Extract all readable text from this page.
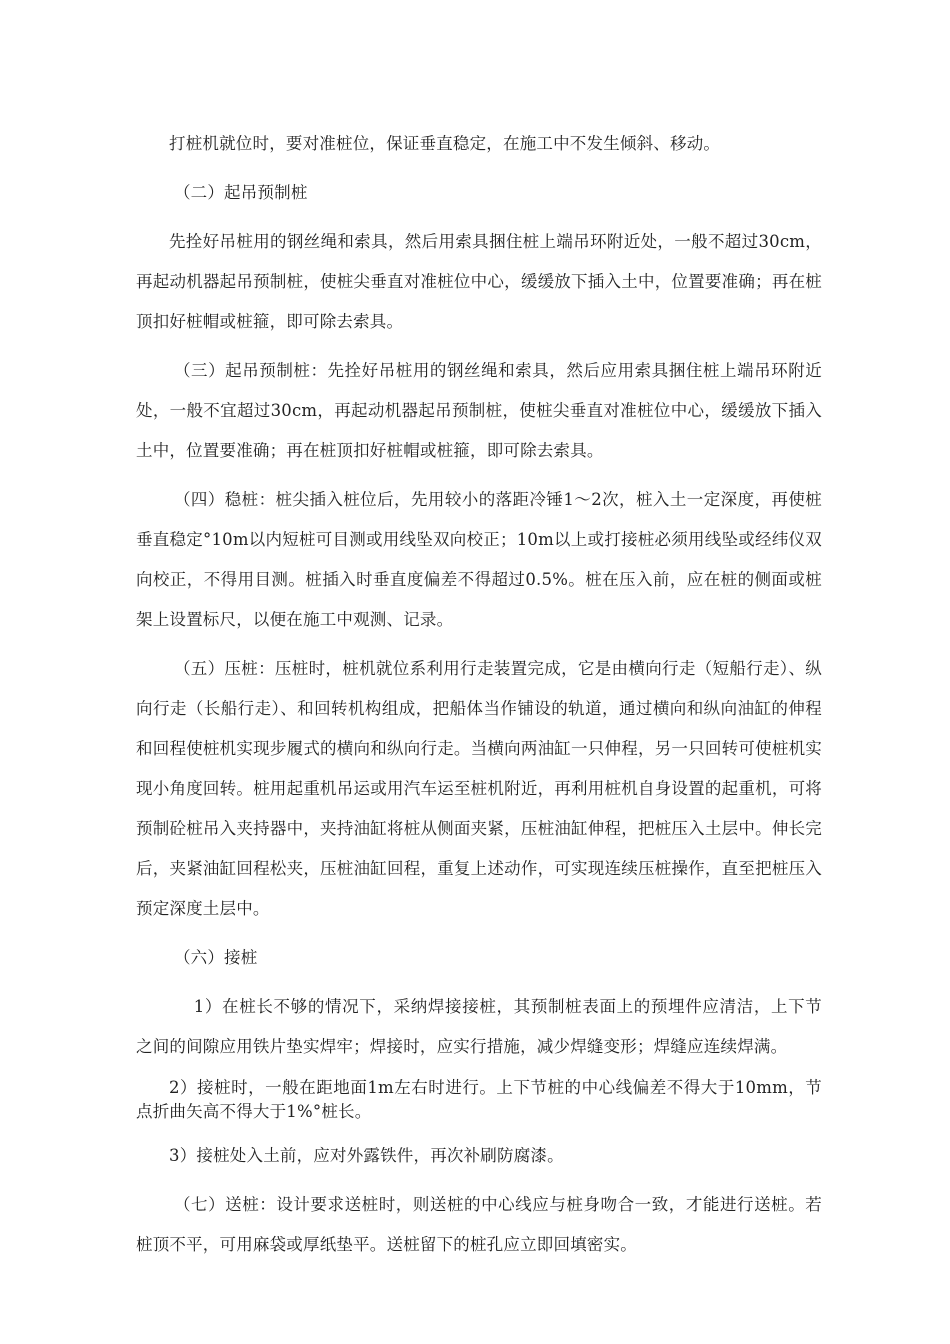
打桩机就位时，要对准桩位，保证垂直稳定，在施工中不发生倾斜、移动。

（二）起吊预制桩

先拴好吊桩用的钢丝绳和索具，然后用索具捆住桩上端吊环附近处，一般不超过30cm，再起动机器起吊预制桩，使桩尖垂直对准桩位中心，缓缓放下插入土中，位置要准确；再在桩顶扣好桩帽或桩箍，即可除去索具。

（三）起吊预制桩：先拴好吊桩用的钢丝绳和索具，然后应用索具捆住桩上端吊环附近处，一般不宜超过30cm，再起动机器起吊预制桩，使桩尖垂直对准桩位中心，缓缓放下插入土中，位置要准确；再在桩顶扣好桩帽或桩箍，即可除去索具。

（四）稳桩：桩尖插入桩位后，先用较小的落距冷锤1〜2次，桩入土一定深度，再使桩垂直稳定°10m以内短桩可目测或用线坠双向校正；10m以上或打接桩必须用线坠或经纬仪双向校正，不得用目测。桩插入时垂直度偏差不得超过0.5%。桩在压入前，应在桩的侧面或桩架上设置标尺，以便在施工中观测、记录。

（五）压桩：压桩时，桩机就位系利用行走装置完成，它是由横向行走（短船行走）、纵向行走（长船行走）、和回转机构组成，把船体当作铺设的轨道，通过横向和纵向油缸的伸程和回程使桩机实现步履式的横向和纵向行走。当横向两油缸一只伸程，另一只回转可使桩机实现小角度回转。桩用起重机吊运或用汽车运至桩机附近，再利用桩机自身设置的起重机，可将预制砼桩吊入夹持器中，夹持油缸将桩从侧面夹紧，压桩油缸伸程，把桩压入土层中。伸长完后，夹紧油缸回程松夹，压桩油缸回程，重复上述动作，可实现连续压桩操作，直至把桩压入预定深度土层中。

（六）接桩

1）在桩长不够的情况下，采纳焊接接桩，其预制桩表面上的预埋件应清洁，上下节之间的间隙应用铁片垫实焊牢；焊接时，应实行措施，减少焊缝变形；焊缝应连续焊满。

2）接桩时，一般在距地面1m左右时进行。上下节桩的中心线偏差不得大于10mm，节点折曲矢高不得大于1%°桩长。

3）接桩处入土前，应对外露铁件，再次补刷防腐漆。

（七）送桩：设计要求送桩时，则送桩的中心线应与桩身吻合一致，才能进行送桩。若桩顶不平，可用麻袋或厚纸垫平。送桩留下的桩孔应立即回填密实。
